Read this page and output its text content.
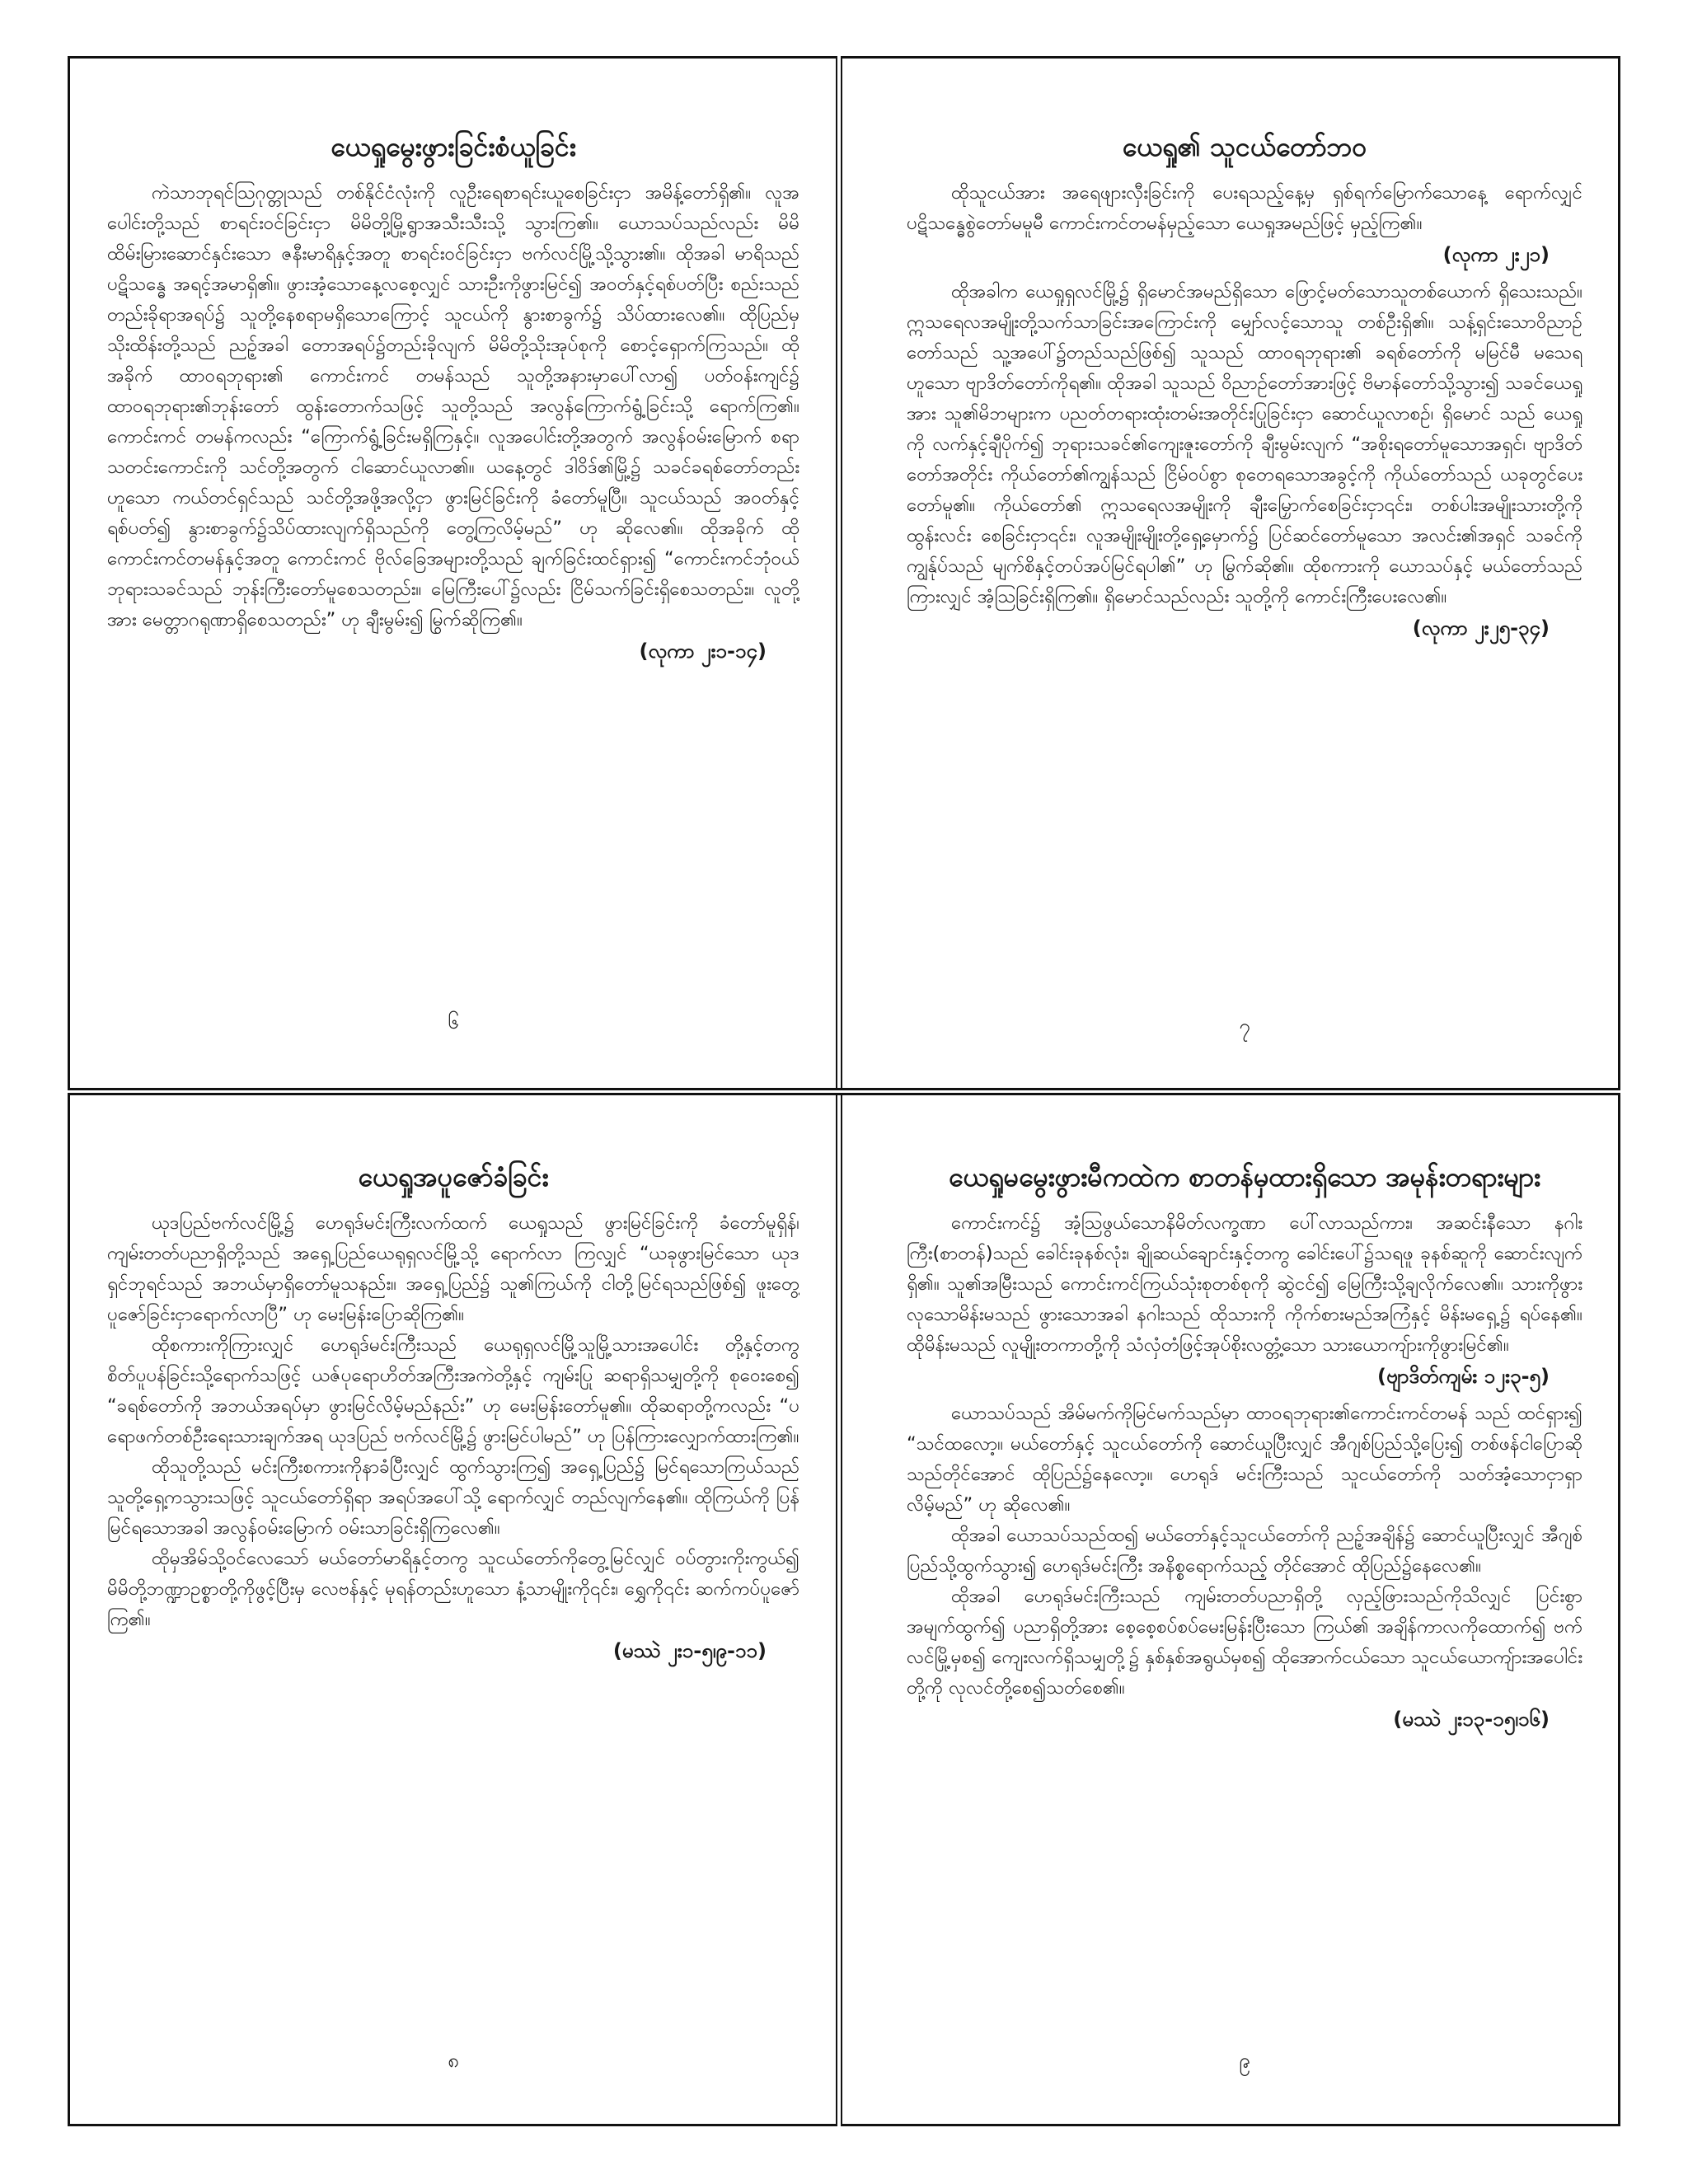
ယေရှုမွေးဖွားခြင်းစံယူခြင်း

ကဲသာဘုရင်ဩဂုတ္တုသည် တစ်နိုင်ငံလုံးကို လူဦးရေစာရင်းယူစေခြင်းငှာ အမိန့်တော်ရှိ၏။ လူအပေါင်းတို့သည် စာရင်းဝင်ခြင်းငှာ မိမိတို့မြို့ရွာအသီးသီးသို့ သွားကြ၏။ ယောသပ်သည်လည်း မိမိထိမ်းမြားဆောင်နှင်းသော ဇနီးမာရိနှင့်အတူ စာရင်းဝင်ခြင်းငှာ ဗက်လင်မြို့သို့သွား၏။ ထိုအခါ မာရိသည် ပဋိသန္ဓေ အရင့်အမာရှိ၏။ ဖွားအံ့သောနေ့လစေ့လျှင် သားဦးကိုဖွားမြင်၍ အဝတ်နှင့်ရစ်ပတ်ပြီး စည်းသည်တည်းခိုရာအရပ်၌ သူတို့နေစရာမရှိသောကြောင့် သူငယ်ကို နွားစာခွက်၌ သိပ်ထားလေ၏။ ထိုပြည်မှသိုးထိန်းတို့သည် ညဥ့်အခါ တောအရပ်၌တည်းခိုလျက် မိမိတို့သိုးအုပ်စုကို စောင့်ရှောက်ကြသည်။ ထိုအခိုက် ထာဝရဘုရား၏ ကောင်းကင် တမန်သည် သူတို့အနားမှာပေါ်လာ၍ ပတ်ဝန်းကျင်၌ ထာဝရဘုရား၏ဘုန်းတော် ထွန်းတောက်သဖြင့် သူတို့သည် အလွန်ကြောက်ရွံ့ခြင်းသို့ ရောက်ကြ၏။ ကောင်းကင် တမန်ကလည်း “ကြောက်ရွံ့ခြင်းမရှိကြနှင့်။ လူအပေါင်းတို့အတွက် အလွန်ဝမ်းမြောက် စရာသတင်းကောင်းကို သင်တို့အတွက် ငါဆောင်ယူလာ၏။ ယနေ့တွင် ဒါဝိဒ်၏မြို့၌ သခင်ခရစ်တော်တည်းဟူသော ကယ်တင်ရှင်သည် သင်တို့အဖို့အလို့ငှာ ဖွားမြင်ခြင်းကို ခံတော်မူပြီ။ သူငယ်သည် အဝတ်နှင့်ရစ်ပတ်၍ နွားစာခွက်၌သိပ်ထားလျက်ရှိသည်ကို တွေ့ကြလိမ့်မည်” ဟု ဆိုလေ၏။ ထိုအခိုက် ထိုကောင်းကင်တမန်နှင့်အတူ ကောင်းကင် ဗိုလ်ခြေအများတို့သည် ချက်ခြင်းထင်ရှား၍ “ကောင်းကင်ဘုံဝယ် ဘုရားသခင်သည် ဘုန်းကြီးတော်မူစေသတည်း။ မြေကြီးပေါ်၌လည်း ငြိမ်သက်ခြင်းရှိစေသတည်း။ လူတို့အား မေတ္တာဂရုဏာရှိစေသတည်း” ဟု ချီးမွမ်း၍ မြွက်ဆိုကြ၏။

(လုကာ ၂း၁-၁၄)
၆
ယေရှု၏ သူငယ်တော်ဘဝ

ထိုသူငယ်အား အရေဖျားလှီးခြင်းကို ပေးရသည့်နေ့မှ ရှစ်ရက်မြောက်သောနေ့ ရောက်လျှင် ပဋိသန္ဓေစွဲတော်မမူမီ ကောင်းကင်တမန်မှည့်သော ယေရှုအမည်ဖြင့် မှည့်ကြ၏။

(လုကာ ၂း၂၁)

ထိုအခါက ယေရှုရှလင်မြို့၌ ရှိမောင်အမည်ရှိသော ဖြောင့်မတ်သောသူတစ်ယောက် ရှိသေးသည်။ ဣသရေလအမျိုးတို့သက်သာခြင်းအကြောင်းကို မျှော်လင့်သောသူ တစ်ဦးရှိ၏။ သန့်ရှင်းသောဝိညာဉ်တော်သည် သူ့အပေါ်၌တည်သည်ဖြစ်၍ သူသည် ထာဝရဘုရား၏ ခရစ်တော်ကို မမြင်မီ မသေရ ဟူသော ဗျာဒိတ်တော်ကိုရ၏။ ထိုအခါ သူသည် ဝိညာဉ်တော်အားဖြင့် ဗိမာန်တော်သို့သွား၍ သခင်ယေရှုအား သူ၏မိဘများက ပညတ်တရားထုံးတမ်းအတိုင်းပြုခြင်းငှာ ဆောင်ယူလာစဉ်၊ ရှိမောင် သည် ယေရှုကို လက်နှင့်ချီပိုက်၍ ဘုရားသခင်၏ကျေးဇူးတော်ကို ချီးမွမ်းလျက် “အစိုးရတော်မူသောအရှင်၊ ဗျာဒိတ်တော်အတိုင်း ကိုယ်တော်၏ကျွန်သည် ငြိမ်ဝပ်စွာ စုတေရသောအခွင့်ကို ကိုယ်တော်သည် ယခုတွင်ပေးတော်မူ၏။ ကိုယ်တော်၏ ဣသရေလအမျိုးကို ချီးမြှောက်စေခြင်းငှာ၎င်း၊ တစ်ပါးအမျိုးသားတို့ကို ထွန်းလင်း စေခြင်းငှာ၎င်း၊ လူအမျိုးမျိုးတို့ရှေ့မှောက်၌ ပြင်ဆင်တော်မူသော အလင်း၏အရှင် သခင်ကို ကျွန်ုပ်သည် မျက်စိနှင့်တပ်အပ်မြင်ရပါ၏” ဟု မြွက်ဆို၏။ ထိုစကားကို ယောသပ်နှင့် မယ်တော်သည်ကြားလျှင် အံ့သြခြင်းရှိကြ၏။ ရှိမောင်သည်လည်း သူတို့ကို ကောင်းကြီးပေးလေ၏။

(လုကာ ၂း၂၅-၃၄)
၇
ယေရှုအပူဇော်ခံခြင်း

ယုဒပြည်ဗက်လင်မြို့၌ ဟေရုဒ်မင်းကြီးလက်ထက် ယေရှုသည် ဖွားမြင်ခြင်းကို ခံတော်မူရှိန်၊ ကျမ်းတတ်ပညာရှိတို့သည် အရှေ့ပြည်ယေရုရှလင်မြို့သို့ ရောက်လာ ကြလျှင် “ယခုဖွားမြင်သော ယုဒရှင်ဘုရင်သည် အဘယ်မှာရှိတော်မူသနည်း။ အရှေ့ပြည်၌ သူ၏ကြယ်ကို ငါတို့မြင်ရသည်ဖြစ်၍ ဖူးတွေ့ပူဇော်ခြင်းငှာရောက်လာပြီ” ဟု မေးမြန်းပြောဆိုကြ၏။

ထိုစကားကိုကြားလျှင် ဟေရုဒ်မင်းကြီးသည် ယေရုရှလင်မြို့သူမြို့သားအပေါင်း တို့နှင့်တကွ စိတ်ပူပန်ခြင်းသို့ရောက်သဖြင့် ယဇ်ပုရောဟိတ်အကြီးအကဲတို့နှင့် ကျမ်းပြု ဆရာရှိသမျှတို့ကို စုဝေးစေ၍ “ခရစ်တော်ကို အဘယ်အရပ်မှာ ဖွားမြင်လိမ့်မည်နည်း” ဟု မေးမြန်းတော်မူ၏။ ထိုဆရာတို့ကလည်း “ပရောဖက်တစ်ဦးရေးသားချက်အရ ယုဒပြည် ဗက်လင်မြို့၌ ဖွားမြင်ပါမည်” ဟု ပြန်ကြားလျှောက်ထားကြ၏။

ထိုသူတို့သည် မင်းကြီးစကားကိုနာခံပြီးလျှင် ထွက်သွားကြ၍ အရှေ့ပြည်၌ မြင်ရသောကြယ်သည် သူတို့ရှေ့ကသွားသဖြင့် သူငယ်တော်ရှိရာ အရပ်အပေါ်သို့ ရောက်လျှင် တည်လျက်နေ၏။ ထိုကြယ်ကို ပြန်မြင်ရသောအခါ အလွန်ဝမ်းမြောက် ဝမ်းသာခြင်းရှိကြလေ၏။

ထိုမှအိမ်သို့ဝင်လေသော် မယ်တော်မာရိနှင့်တကွ သူငယ်တော်ကိုတွေ့မြင်လျှင် ဝပ်တွားကိုးကွယ်၍ မိမိတို့ဘဏ္ဍာဥစ္စာတို့ကိုဖွင့်ပြီးမှ လေဗန်နှင့် မုရန်တည်းဟူသော နံ့သာမျိုးကို၎င်း၊ ရွှေကို၎င်း ဆက်ကပ်ပူဇော်ကြ၏။

(မဿဲ ၂း၁-၅၊၉-၁၁)
၈
ယေရှုမမွေးဖွားမီကထဲက စာတန်မှထားရှိသော အမုန်းတရားများ

ကောင်းကင်၌ အံ့ဩဖွယ်သောနိမိတ်လက္ခဏာ ပေါ်လာသည်ကား၊ အဆင်းနီသော နဂါးကြီး(စာတန်)သည် ခေါင်းခုနစ်လုံး၊ ချိုဆယ်ချောင်းနှင့်တကွ ခေါင်းပေါ်၌သရဖူ ခုနစ်ဆူကို ဆောင်းလျက်ရှိ၏။ သူ၏အမြီးသည် ကောင်းကင်ကြယ်သုံးစုတစ်စုကို ဆွဲငင်၍ မြေကြီးသို့ချလိုက်လေ၏။ သားကိုဖွားလုသောမိန်းမသည် ဖွားသောအခါ နဂါးသည် ထိုသားကို ကိုက်စားမည်အကြံနှင့် မိန်းမရှေ့၌ ရပ်နေ၏။ ထိုမိန်းမသည် လူမျိုးတကာတို့ကို သံလှံတံဖြင့်အုပ်စိုးလတ္တံ့သော သားယောကျ်ားကိုဖွားမြင်၏။

(ဗျာဒိတ်ကျမ်း ၁၂း၃-၅)

ယောသပ်သည် အိမ်မက်ကိုမြင်မက်သည်မှာ ထာဝရဘုရား၏ကောင်းကင်တမန် သည် ထင်ရှား၍ “သင်ထလော့။ မယ်တော်နှင့် သူငယ်တော်ကို ဆောင်ယူပြီးလျှင် အီဂျစ်ပြည်သို့ပြေး၍ တစ်ဖန်ငါပြောဆိုသည်တိုင်အောင် ထိုပြည်၌နေလော့။ ဟေရုဒ် မင်းကြီးသည် သူငယ်တော်ကို သတ်အံ့သောငှာရှာလိမ့်မည်” ဟု ဆိုလေ၏။

ထိုအခါ ယောသပ်သည်ထ၍ မယ်တော်နှင့်သူငယ်တော်ကို ညဥ့်အချိန်၌ ဆောင်ယူပြီးလျှင် အီဂျစ်ပြည်သို့ထွက်သွား၍ ဟေရုဒ်မင်းကြီး အနိစ္စရောက်သည့် တိုင်အောင် ထိုပြည်၌နေလေ၏။

ထိုအခါ ဟေရုဒ်မင်းကြီးသည် ကျမ်းတတ်ပညာရှိတို့ လှည့်ဖြားသည်ကိုသိလျှင် ပြင်းစွာအမျက်ထွက်၍ ပညာရှိတို့အား စေ့စေ့စပ်စပ်မေးမြန်းပြီးသော ကြယ်၏ အချိန်ကာလကိုထောက်၍ ဗက်လင်မြို့မှစ၍ ကျေးလက်ရှိသမျှတို့၌ နှစ်နှစ်အရွယ်မှစ၍ ထိုအောက်ငယ်သော သူငယ်ယောကျ်ားအပေါင်းတို့ကို လုလင်တို့စေ၍သတ်စေ၏။

(မဿဲ ၂း၁၃-၁၅၊၁၆)
၉
